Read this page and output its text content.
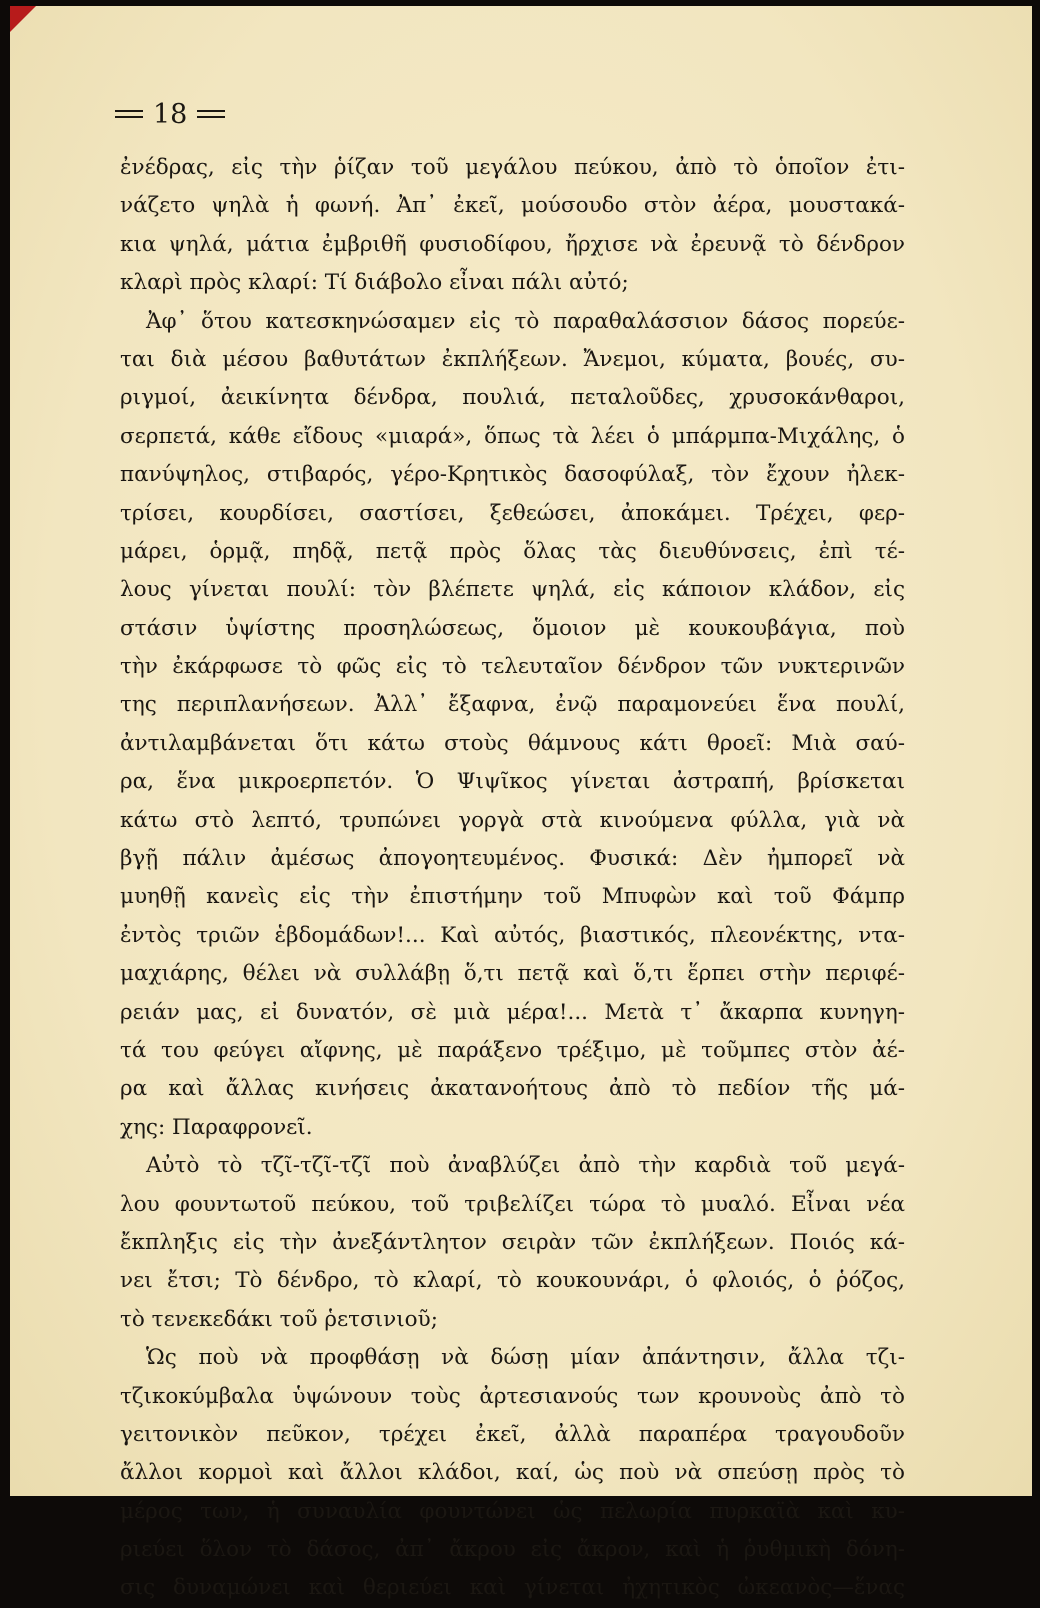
18
ἐνέδρας, εἰς τὴν ῥίζαν τοῦ μεγάλου πεύκου, ἀπὸ τὸ ὁποῖον ἐτι-
νάζετο ψηλὰ ἡ φωνή. Ἀπ᾽ ἐκεῖ, μούσουδο στὸν ἀέρα, μουστακά-
κια ψηλά, μάτια ἐμβριθῆ φυσιοδίφου, ἤρχισε νὰ ἐρευνᾷ τὸ δένδρον
κλαρὶ πρὸς κλαρί: Τί διάβολο εἶναι πάλι αὐτό;
Ἀφ᾽ ὅτου κατεσκηνώσαμεν εἰς τὸ παραθαλάσσιον δάσος πορεύε-
ται διὰ μέσου βαθυτάτων ἐκπλήξεων. Ἄνεμοι, κύματα, βουές, συ-
ριγμοί, ἀεικίνητα δένδρα, πουλιά, πεταλοῦδες, χρυσοκάνθαροι,
σερπετά, κάθε εἴδους «μιαρά», ὅπως τὰ λέει ὁ μπάρμπα-Μιχάλης, ὁ
πανύψηλος, στιβαρός, γέρο-Κρητικὸς δασοφύλαξ, τὸν ἔχουν ἠλεκ-
τρίσει, κουρδίσει, σαστίσει, ξεθεώσει, ἀποκάμει. Τρέχει, φερ-
μάρει, ὁρμᾷ, πηδᾷ, πετᾷ πρὸς ὅλας τὰς διευθύνσεις, ἐπὶ τέ-
λους γίνεται πουλί: τὸν βλέπετε ψηλά, εἰς κάποιον κλάδον, εἰς
στάσιν ὑψίστης προσηλώσεως, ὅμοιον μὲ κουκουβάγια, ποὺ
τὴν ἐκάρφωσε τὸ φῶς εἰς τὸ τελευταῖον δένδρον τῶν νυκτερινῶν
της περιπλανήσεων. Ἀλλ᾽ ἔξαφνα, ἐνῷ παραμονεύει ἕνα πουλί,
ἀντιλαμβάνεται ὅτι κάτω στοὺς θάμνους κάτι θροεῖ: Μιὰ σαύ-
ρα, ἕνα μικροερπετόν. Ὁ Ψιψῖκος γίνεται ἀστραπή, βρίσκεται
κάτω στὸ λεπτό, τρυπώνει γοργὰ στὰ κινούμενα φύλλα, γιὰ νὰ
βγῇ πάλιν ἀμέσως ἀπογοητευμένος. Φυσικά: Δὲν ἠμπορεῖ νὰ
μυηθῇ κανεὶς εἰς τὴν ἐπιστήμην τοῦ Μπυφὼν καὶ τοῦ Φάμπρ
ἐντὸς τριῶν ἑβδομάδων!... Καὶ αὐτός, βιαστικός, πλεονέκτης, ντα-
μαχιάρης, θέλει νὰ συλλάβῃ ὅ,τι πετᾷ καὶ ὅ,τι ἕρπει στὴν περιφέ-
ρειάν μας, εἰ δυνατόν, σὲ μιὰ μέρα!... Μετὰ τ᾽ ἄκαρπα κυνηγη-
τά του φεύγει αἴφνης, μὲ παράξενο τρέξιμο, μὲ τοῦμπες στὸν ἀέ-
ρα καὶ ἄλλας κινήσεις ἀκατανοήτους ἀπὸ τὸ πεδίον τῆς μά-
χης: Παραφρονεῖ.
Αὐτὸ τὸ τζῖ-τζῖ-τζῖ ποὺ ἀναβλύζει ἀπὸ τὴν καρδιὰ τοῦ μεγά-
λου φουντωτοῦ πεύκου, τοῦ τριβελίζει τώρα τὸ μυαλό. Εἶναι νέα
ἔκπληξις εἰς τὴν ἀνεξάντλητον σειρὰν τῶν ἐκπλήξεων. Ποιός κά-
νει ἔτσι; Τὸ δένδρο, τὸ κλαρί, τὸ κουκουνάρι, ὁ φλοιός, ὁ ῥόζος,
τὸ τενεκεδάκι τοῦ ῥετσινιοῦ;
Ὡς ποὺ νὰ προφθάσῃ νὰ δώσῃ μίαν ἀπάντησιν, ἄλλα τζι-
τζικοκύμβαλα ὑψώνουν τοὺς ἀρτεσιανούς των κρουνοὺς ἀπὸ τὸ
γειτονικὸν πεῦκον, τρέχει ἐκεῖ, ἀλλὰ παραπέρα τραγουδοῦν
ἄλλοι κορμοὶ καὶ ἄλλοι κλάδοι, καί, ὡς ποὺ νὰ σπεύσῃ πρὸς τὸ
μέρος των, ἡ συναυλία φουντώνει ὡς πελωρία πυρκαϊὰ καὶ κυ-
ριεύει ὅλον τὸ δάσος, ἀπ᾽ ἄκρου εἰς ἄκρον, καὶ ἡ ῥυθμικὴ δόνη-
σις δυναμώνει καὶ θεριεύει καὶ γίνεται ἠχητικὸς ὠκεανὸς—ἕνας
